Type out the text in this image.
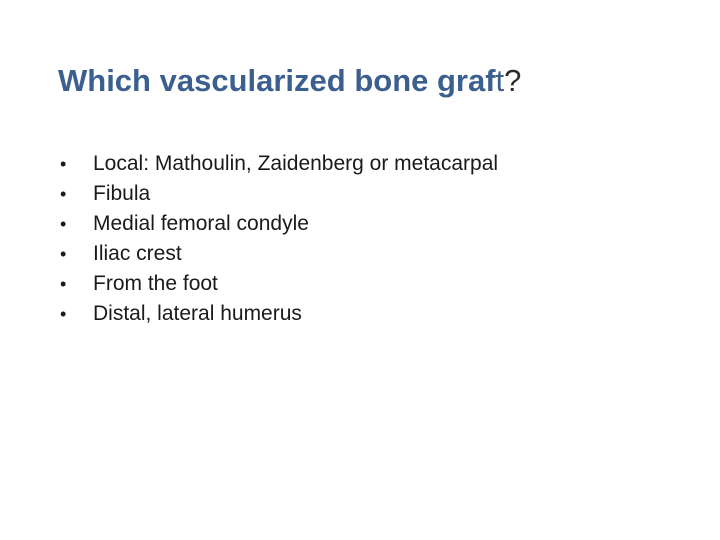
Which vascularized bone graft?
•	Local: Mathoulin, Zaidenberg or metacarpal
•	Fibula
•	Medial femoral condyle
•	Iliac crest
•	From the foot
•	Distal, lateral humerus
